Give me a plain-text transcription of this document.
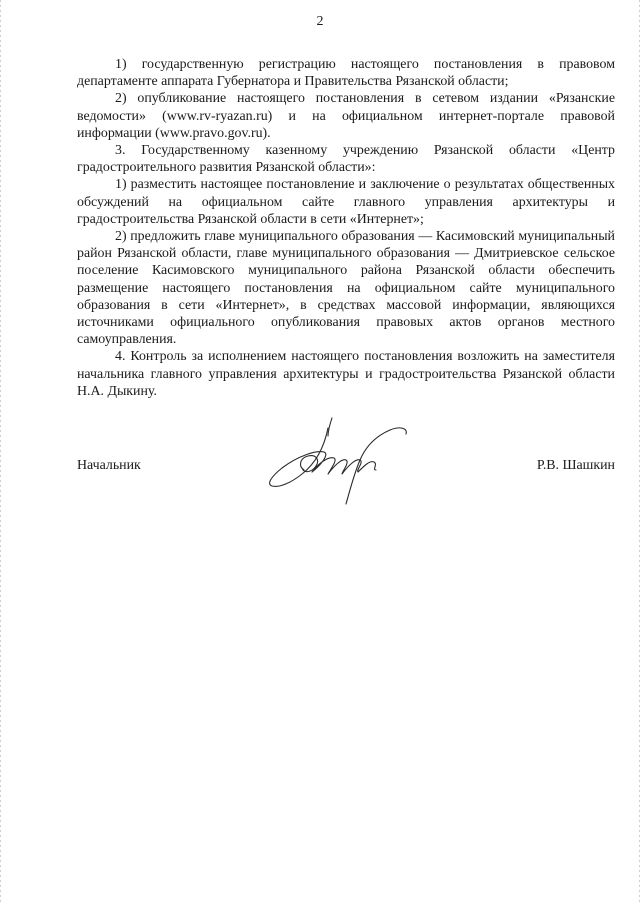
2

1) государственную регистрацию настоящего постановления в правовом департаменте аппарата Губернатора и Правительства Рязанской области;

2) опубликование настоящего постановления в сетевом издании «Рязанские ведомости» (www.rv-ryazan.ru) и на официальном интернет-портале правовой информации (www.pravo.gov.ru).

3. Государственному казенному учреждению Рязанской области «Центр градостроительного развития Рязанской области»:

1) разместить настоящее постановление и заключение о результатах общественных обсуждений на официальном сайте главного управления архитектуры и градостроительства Рязанской области в сети «Интернет»;

2) предложить главе муниципального образования — Касимовский муниципальный район Рязанской области, главе муниципального образования — Дмитриевское сельское поселение Касимовского муниципального района Рязанской области обеспечить размещение настоящего постановления на официальном сайте муниципального образования в сети «Интернет», в средствах массовой информации, являющихся источниками официального опубликования правовых актов органов местного самоуправления.

4. Контроль за исполнением настоящего постановления возложить на заместителя начальника главного управления архитектуры и градостроительства Рязанской области Н.А. Дыкину.

Начальник	Р.В. Шашкин
